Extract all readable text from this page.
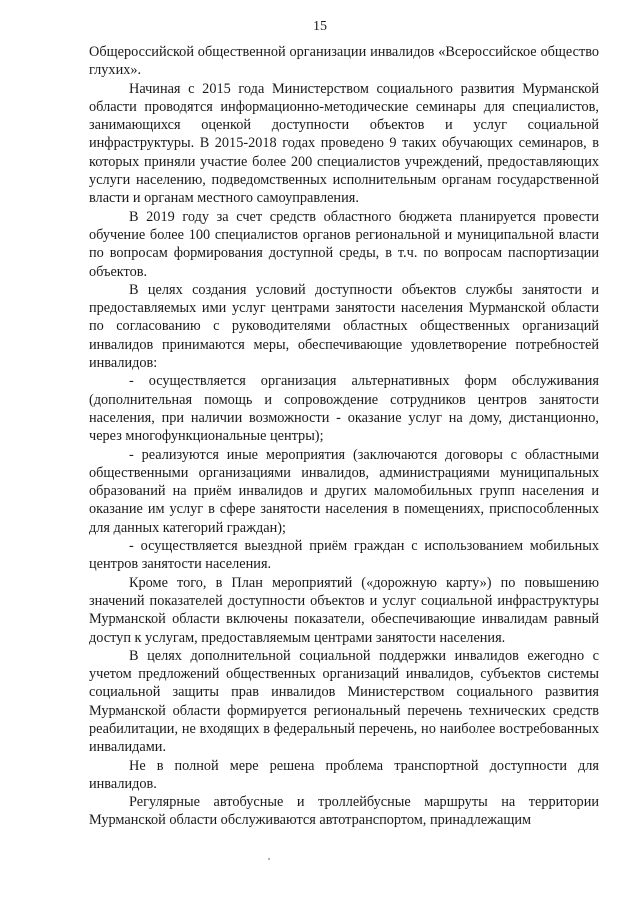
15

Общероссийской общественной организации инвалидов «Всероссийское общество глухих».

Начиная с 2015 года Министерством социального развития Мурманской области проводятся информационно-методические семинары для специалистов, занимающихся оценкой доступности объектов и услуг социальной инфраструктуры. В 2015-2018 годах проведено 9 таких обучающих семинаров, в которых приняли участие более 200 специалистов учреждений, предоставляющих услуги населению, подведомственных исполнительным органам государственной власти и органам местного самоуправления.

В 2019 году за счет средств областного бюджета планируется провести обучение более 100 специалистов органов региональной и муниципальной власти по вопросам формирования доступной среды, в т.ч. по вопросам паспортизации объектов.

В целях создания условий доступности объектов службы занятости и предоставляемых ими услуг центрами занятости населения Мурманской области по согласованию с руководителями областных общественных организаций инвалидов принимаются меры, обеспечивающие удовлетворение потребностей инвалидов:

- осуществляется организация альтернативных форм обслуживания (дополнительная помощь и сопровождение сотрудников центров занятости населения, при наличии возможности - оказание услуг на дому, дистанционно, через многофункциональные центры);

- реализуются иные мероприятия (заключаются договоры с областными общественными организациями инвалидов, администрациями муниципальных образований на приём инвалидов и других маломобильных групп населения и оказание им услуг в сфере занятости населения в помещениях, приспособленных для данных категорий граждан);

- осуществляется выездной приём граждан с использованием мобильных центров занятости населения.

Кроме того, в План мероприятий («дорожную карту») по повышению значений показателей доступности объектов и услуг социальной инфраструктуры Мурманской области включены показатели, обеспечивающие инвалидам равный доступ к услугам, предоставляемым центрами занятости населения.

В целях дополнительной социальной поддержки инвалидов ежегодно с учетом предложений общественных организаций инвалидов, субъектов системы социальной защиты прав инвалидов Министерством социального развития Мурманской области формируется региональный перечень технических средств реабилитации, не входящих в федеральный перечень, но наиболее востребованных инвалидами.

Не в полной мере решена проблема транспортной доступности для инвалидов.

Регулярные автобусные и троллейбусные маршруты на территории Мурманской области обслуживаются автотранспортом, принадлежащим
